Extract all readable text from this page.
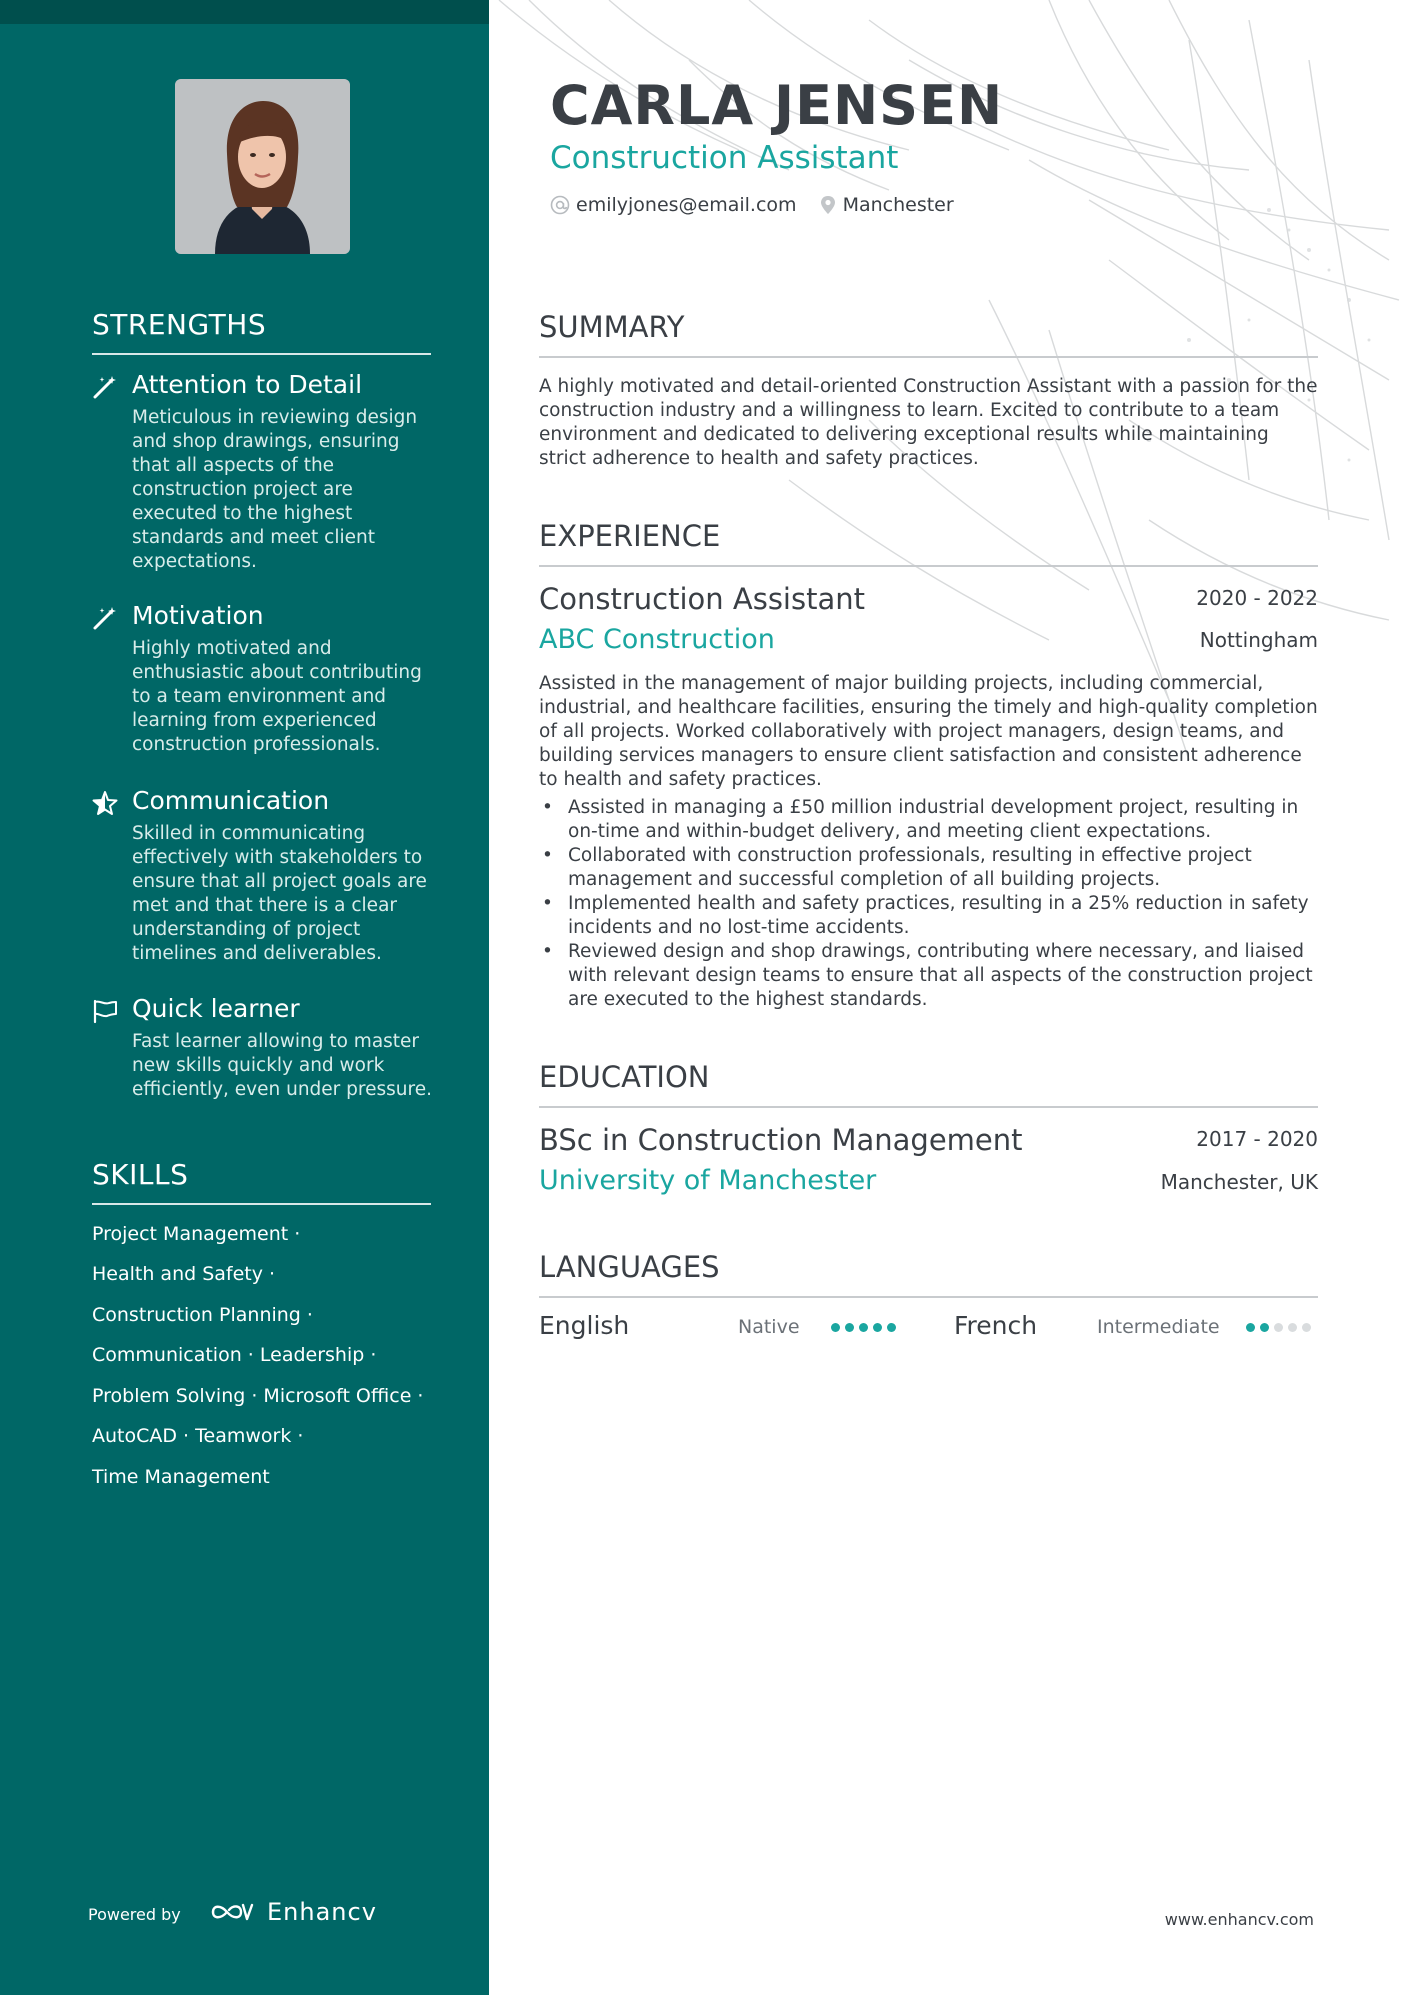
STRENGTHS
Attention to Detail
Meticulous in reviewing design and shop drawings, ensuring that all aspects of the construction project are executed to the highest standards and meet client expectations.
Motivation
Highly motivated and enthusiastic about contributing to a team environment and learning from experienced construction professionals.
Communication
Skilled in communicating effectively with stakeholders to ensure that all project goals are met and that there is a clear understanding of project timelines and deliverables.
Quick learner
Fast learner allowing to master new skills quickly and work efficiently, even under pressure.
SKILLS
Project Management ·
Health and Safety ·
Construction Planning ·
Communication · Leadership ·
Problem Solving · Microsoft Office ·
AutoCAD · Teamwork ·
Time Management
Powered by	Enhancv
CARLA JENSEN
Construction Assistant
emilyjones@email.com Manchester
SUMMARY
A highly motivated and detail-oriented Construction Assistant with a passion for the construction industry and a willingness to learn. Excited to contribute to a team environment and dedicated to delivering exceptional results while maintaining strict adherence to health and safety practices.
EXPERIENCE
Construction Assistant	2020 - 2022
ABC Construction	Nottingham
Assisted in the management of major building projects, including commercial, industrial, and healthcare facilities, ensuring the timely and high-quality completion of all projects. Worked collaboratively with project managers, design teams, and building services managers to ensure client satisfaction and consistent adherence to health and safety practices.
• Assisted in managing a £50 million industrial development project, resulting in on-time and within-budget delivery, and meeting client expectations.
• Collaborated with construction professionals, resulting in effective project management and successful completion of all building projects.
• Implemented health and safety practices, resulting in a 25% reduction in safety incidents and no lost-time accidents.
• Reviewed design and shop drawings, contributing where necessary, and liaised with relevant design teams to ensure that all aspects of the construction project are executed to the highest standards.
EDUCATION
BSc in Construction Management	2017 - 2020
University of Manchester	Manchester, UK
LANGUAGES
English	Native	French	Intermediate
www.enhancv.com
